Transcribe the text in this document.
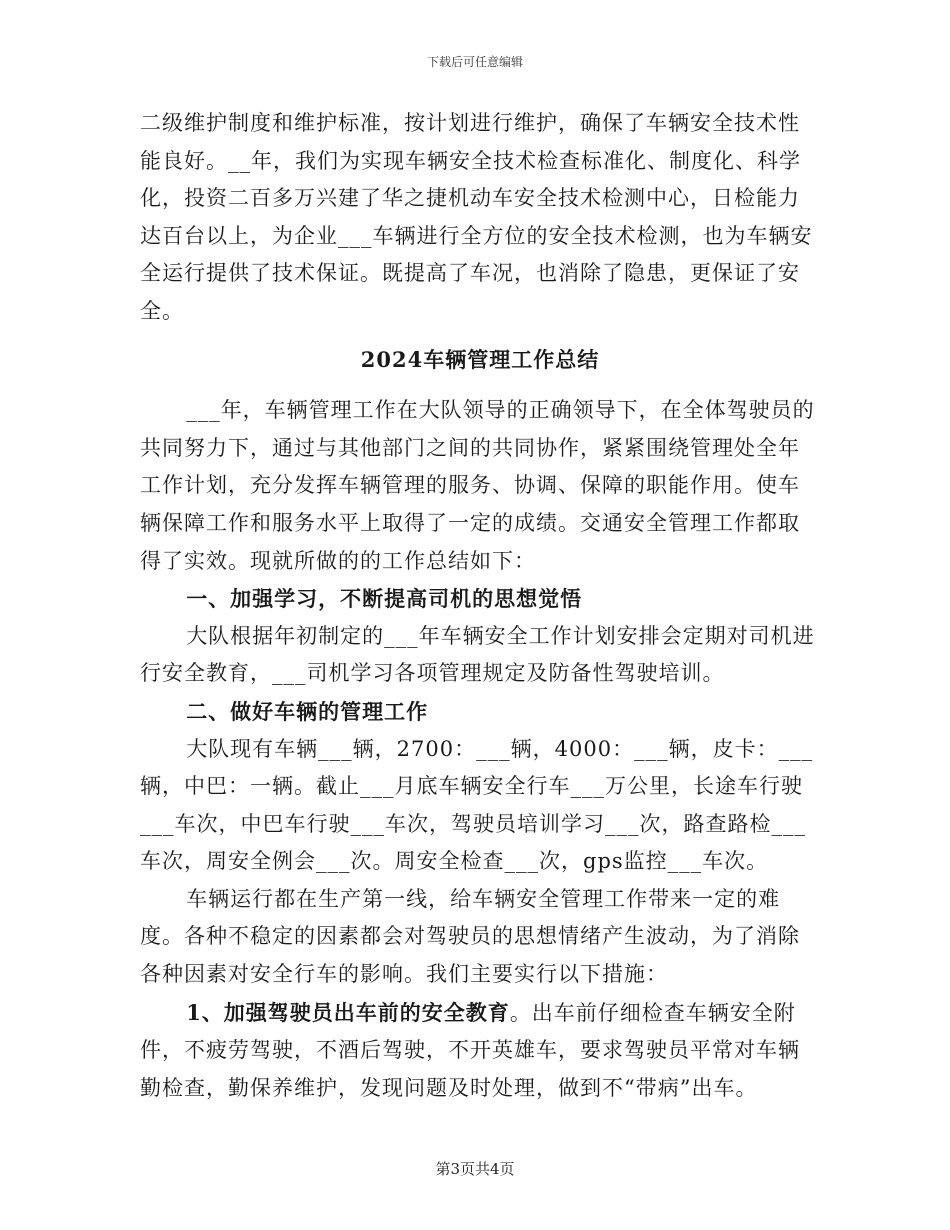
下载后可任意编辑

二级维护制度和维护标准，按计划进行维护，确保了车辆安全技术性能良好。__年，我们为实现车辆安全技术检查标准化、制度化、科学化，投资二百多万兴建了华之捷机动车安全技术检测中心，日检能力达百台以上，为企业___车辆进行全方位的安全技术检测，也为车辆安全运行提供了技术保证。既提高了车况，也消除了隐患，更保证了安全。

2024车辆管理工作总结

___年，车辆管理工作在大队领导的正确领导下，在全体驾驶员的共同努力下，通过与其他部门之间的共同协作，紧紧围绕管理处全年工作计划，充分发挥车辆管理的服务、协调、保障的职能作用。使车辆保障工作和服务水平上取得了一定的成绩。交通安全管理工作都取得了实效。现就所做的的工作总结如下：

一、加强学习，不断提高司机的思想觉悟

大队根据年初制定的___年车辆安全工作计划安排会定期对司机进行安全教育，___司机学习各项管理规定及防备性驾驶培训。

二、做好车辆的管理工作

大队现有车辆___辆，2700：___辆，4000：___辆，皮卡：___辆，中巴：一辆。截止___月底车辆安全行车___万公里，长途车行驶___车次，中巴车行驶___车次，驾驶员培训学习___次，路查路检___车次，周安全例会___次。周安全检查___次，gps监控___车次。

车辆运行都在生产第一线，给车辆安全管理工作带来一定的难度。各种不稳定的因素都会对驾驶员的思想情绪产生波动，为了消除各种因素对安全行车的影响。我们主要实行以下措施：

1、加强驾驶员出车前的安全教育。出车前仔细检查车辆安全附件，不疲劳驾驶，不酒后驾驶，不开英雄车，要求驾驶员平常对车辆勤检查，勤保养维护，发现问题及时处理，做到不“带病”出车。

第3页共4页
